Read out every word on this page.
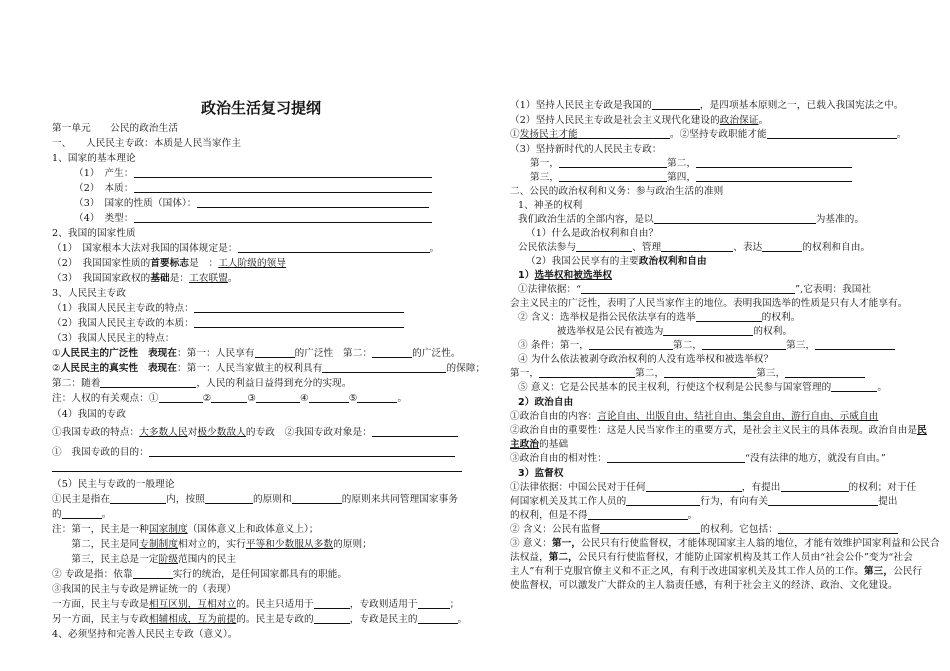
政治生活复习提纲
第一单元　　公民的政治生活
一、　　人民民主专政：本质是人民当家作主
1、国家的基本理论
（1）　产生：
（2）　本质：
（3）　国家的性质（国体）：
（4）　类型：
2、我国的国家性质
（1）　国家根本大法对我国的国体规定是：	。
（2）　我国国家性质的首要标志是　：工人阶级的领导
（3）　我国国家政权的基础是：工农联盟。
3、人民民主专政
（1）我国人民民主专政的特点：
（2）我国人民民主专政的本质：
（3）我国人民民主的特点：
①人民民主的广泛性　表现在：第一：人民享有	的广泛性　第二：	的广泛性。
②人民民主的真实性　表现在：第一：人民当家做主的权利具有	的保障；
第二：随着	，人民的利益日益得到充分的实现。
注：人权的有关观点：①	②	③	④	⑤	。
（4）我国的专政
①我国专政的特点：大多数人民对极少数敌人的专政　②我国专政对象是：
①　我国专政的目的：
（5）民主与专政的一般理论
①民主是指在	内，按照	的原则和	的原则来共同管理国家事务
的	。
注：第一，民主是一种国家制度（国体意义上和政体意义上）；
　　第二，民主是同专制制度相对立的，实行平等和少数服从多数的原则；
　　第三，民主总是一定阶级范围内的民主
② 专政是指：依靠	实行的统治，是任何国家都具有的职能。
③我国的民主与专政是辨证统一的（表现）
一方面，民主与专政是相互区别，互相对立的。民主只适用于	，专政则适用于	；
另一方面，民主与专政相辅相成，互为前提的。民主是专政的	，专政是民主的	。
4、必须坚持和完善人民民主专政（意义）。
（1）坚持人民民主专政是我国的	，是四项基本原则之一，已载入我国宪法之中。
（2）坚持人民民主专政是社会主义现代化建设的政治保证。
①发扬民主才能	。②坚持专政职能才能	。
（3）坚持新时代的人民民主专政：
第一，	第二，
第三，	第四，
二、公民的政治权利和义务：参与政治生活的准则
1、神圣的权利
我们政治生活的全部内容，是以	为基准的。
（1）什么是政治权利和自由？
公民依法参与	、管理	、表达	的权利和自由。
（2）我国公民享有的主要政治权利和自由
1）选举权和被选举权
①法律依据：“	”,它表明：我国社
会主义民主的广泛性，表明了人民当家作主的地位。表明我国选举的性质是只有人才能享有。
② 含义：选举权是指公民依法享有的选举	的权利。
　　　　被选举权是公民有被选为	的权利。
③ 条件：第一，	第二，	第三，
④ 为什么依法被剥夺政治权利的人没有选举权和被选举权？
第一，	第二，	第三，
⑤ 意义：它是公民基本的民主权利，行使这个权利是公民参与国家管理的	。
2）政治自由
①政治自由的内容：言论自由、出版自由、结社自由、集会自由、游行自由、示威自由
②政治自由的重要性：这是人民当家作主的重要方式，是社会主义民主的具体表现。政治自由是民
主政治的基础
③政治自由的相对性：	“没有法律的地方，就没有自由。”
3）监督权
①法律依据：中国公民对于任何	，有提出	的权利；对于任
何国家机关及其工作人员的	行为，有向有关	提出
的权利，但是不得	。
② 含义：公民有监督	的权利。它包括：
③ 意义：第一，公民只有行使监督权，才能体现国家主人翁的地位，才能有效维护国家利益和公民合
法权益，第二，公民只有行使监督权，才能防止国家机构及其工作人员由“社会公仆”变为“社会
主人”有利于克服官僚主义和不正之风，有利于改进国家机关及其工作人员的工作。第三，公民行
使监督权，可以激发广大群众的主人翁责任感，有利于社会主义的经济、政治、文化建设。
